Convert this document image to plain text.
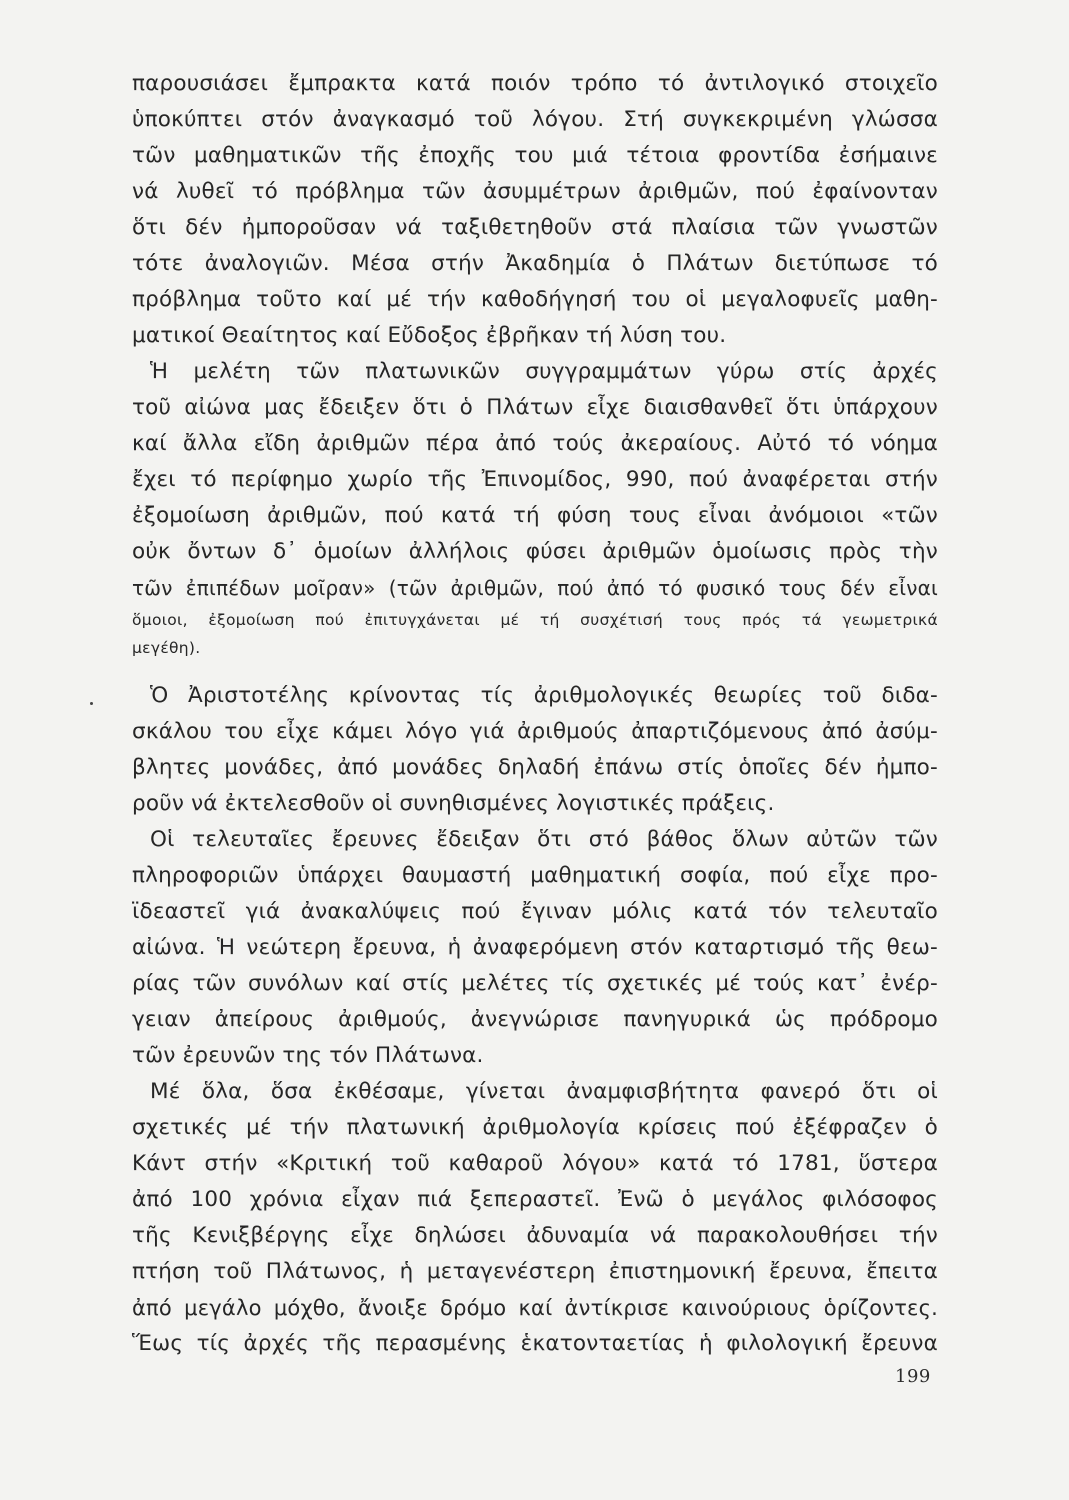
παρουσιάσει ἔμπρακτα κατά ποιόν τρόπο τό ἀντιλογικό στοιχεῖο
ὑποκύπτει στόν ἀναγκασμό τοῦ λόγου. Στή συγκεκριμένη γλώσσα
τῶν μαθηματικῶν τῆς ἐποχῆς του μιά τέτοια φροντίδα ἐσήμαινε
νά λυθεῖ τό πρόβλημα τῶν ἀσυμμέτρων ἀριθμῶν, πού ἐφαίνονταν
ὅτι δέν ἠμποροῦσαν νά ταξιθετηθοῦν στά πλαίσια τῶν γνωστῶν
τότε ἀναλογιῶν. Μέσα στήν Ἀκαδημία ὁ Πλάτων διετύπωσε τό
πρόβλημα τοῦτο καί μέ τήν καθοδήγησή του οἱ μεγαλοφυεῖς μαθη-
ματικοί Θεαίτητος καί Εὔδοξος ἐβρῆκαν τή λύση του.
Ἡ μελέτη τῶν πλατωνικῶν συγγραμμάτων γύρω στίς ἀρχές
τοῦ αἰώνα μας ἔδειξεν ὅτι ὁ Πλάτων εἶχε διαισθανθεῖ ὅτι ὑπάρχουν
καί ἄλλα εἴδη ἀριθμῶν πέρα ἀπό τούς ἀκεραίους. Αὐτό τό νόημα
ἔχει τό περίφημο χωρίο τῆς Ἐπινομίδος, 990, πού ἀναφέρεται στήν
ἐξομοίωση ἀριθμῶν, πού κατά τή φύση τους εἶναι ἀνόμοιοι «τῶν
οὐκ ὄντων δ᾽ ὁμοίων ἀλλήλοις φύσει ἀριθμῶν ὁμοίωσις πρὸς τὴν
τῶν ἐπιπέδων μοῖραν» (τῶν ἀριθμῶν, πού ἀπό τό φυσικό τους δέν εἶναι
ὅμοιοι, ἐξομοίωση πού ἐπιτυγχάνεται μέ τή συσχέτισή τους πρός τά γεωμετρικά
μεγέθη).
Ὁ Ἀριστοτέλης κρίνοντας τίς ἀριθμολογικές θεωρίες τοῦ διδα-
σκάλου του εἶχε κάμει λόγο γιά ἀριθμούς ἀπαρτιζόμενους ἀπό ἀσύμ-
βλητες μονάδες, ἀπό μονάδες δηλαδή ἐπάνω στίς ὁποῖες δέν ἠμπο-
ροῦν νά ἐκτελεσθοῦν οἱ συνηθισμένες λογιστικές πράξεις.
Οἱ τελευταῖες ἔρευνες ἔδειξαν ὅτι στό βάθος ὅλων αὐτῶν τῶν
πληροφοριῶν ὑπάρχει θαυμαστή μαθηματική σοφία, πού εἶχε προ-
ϊδεαστεῖ γιά ἀνακαλύψεις πού ἔγιναν μόλις κατά τόν τελευταῖο
αἰώνα. Ἡ νεώτερη ἔρευνα, ἡ ἀναφερόμενη στόν καταρτισμό τῆς θεω-
ρίας τῶν συνόλων καί στίς μελέτες τίς σχετικές μέ τούς κατ᾽ ἐνέρ-
γειαν ἀπείρους ἀριθμούς, ἀνεγνώρισε πανηγυρικά ὡς πρόδρομο
τῶν ἐρευνῶν της τόν Πλάτωνα.
Μέ ὅλα, ὅσα ἐκθέσαμε, γίνεται ἀναμφισβήτητα φανερό ὅτι οἱ
σχετικές μέ τήν πλατωνική ἀριθμολογία κρίσεις πού ἐξέφραζεν ὁ
Κάντ στήν «Κριτική τοῦ καθαροῦ λόγου» κατά τό 1781, ὕστερα
ἀπό 100 χρόνια εἶχαν πιά ξεπεραστεῖ. Ἐνῶ ὁ μεγάλος φιλόσοφος
τῆς Κενιξβέργης εἶχε δηλώσει ἀδυναμία νά παρακολουθήσει τήν
πτήση τοῦ Πλάτωνος, ἡ μεταγενέστερη ἐπιστημονική ἔρευνα, ἔπειτα
ἀπό μεγάλο μόχθο, ἄνοιξε δρόμο καί ἀντίκρισε καινούριους ὁρίζοντες.
Ἕως τίς ἀρχές τῆς περασμένης ἑκατονταετίας ἡ φιλολογική ἔρευνα
199
